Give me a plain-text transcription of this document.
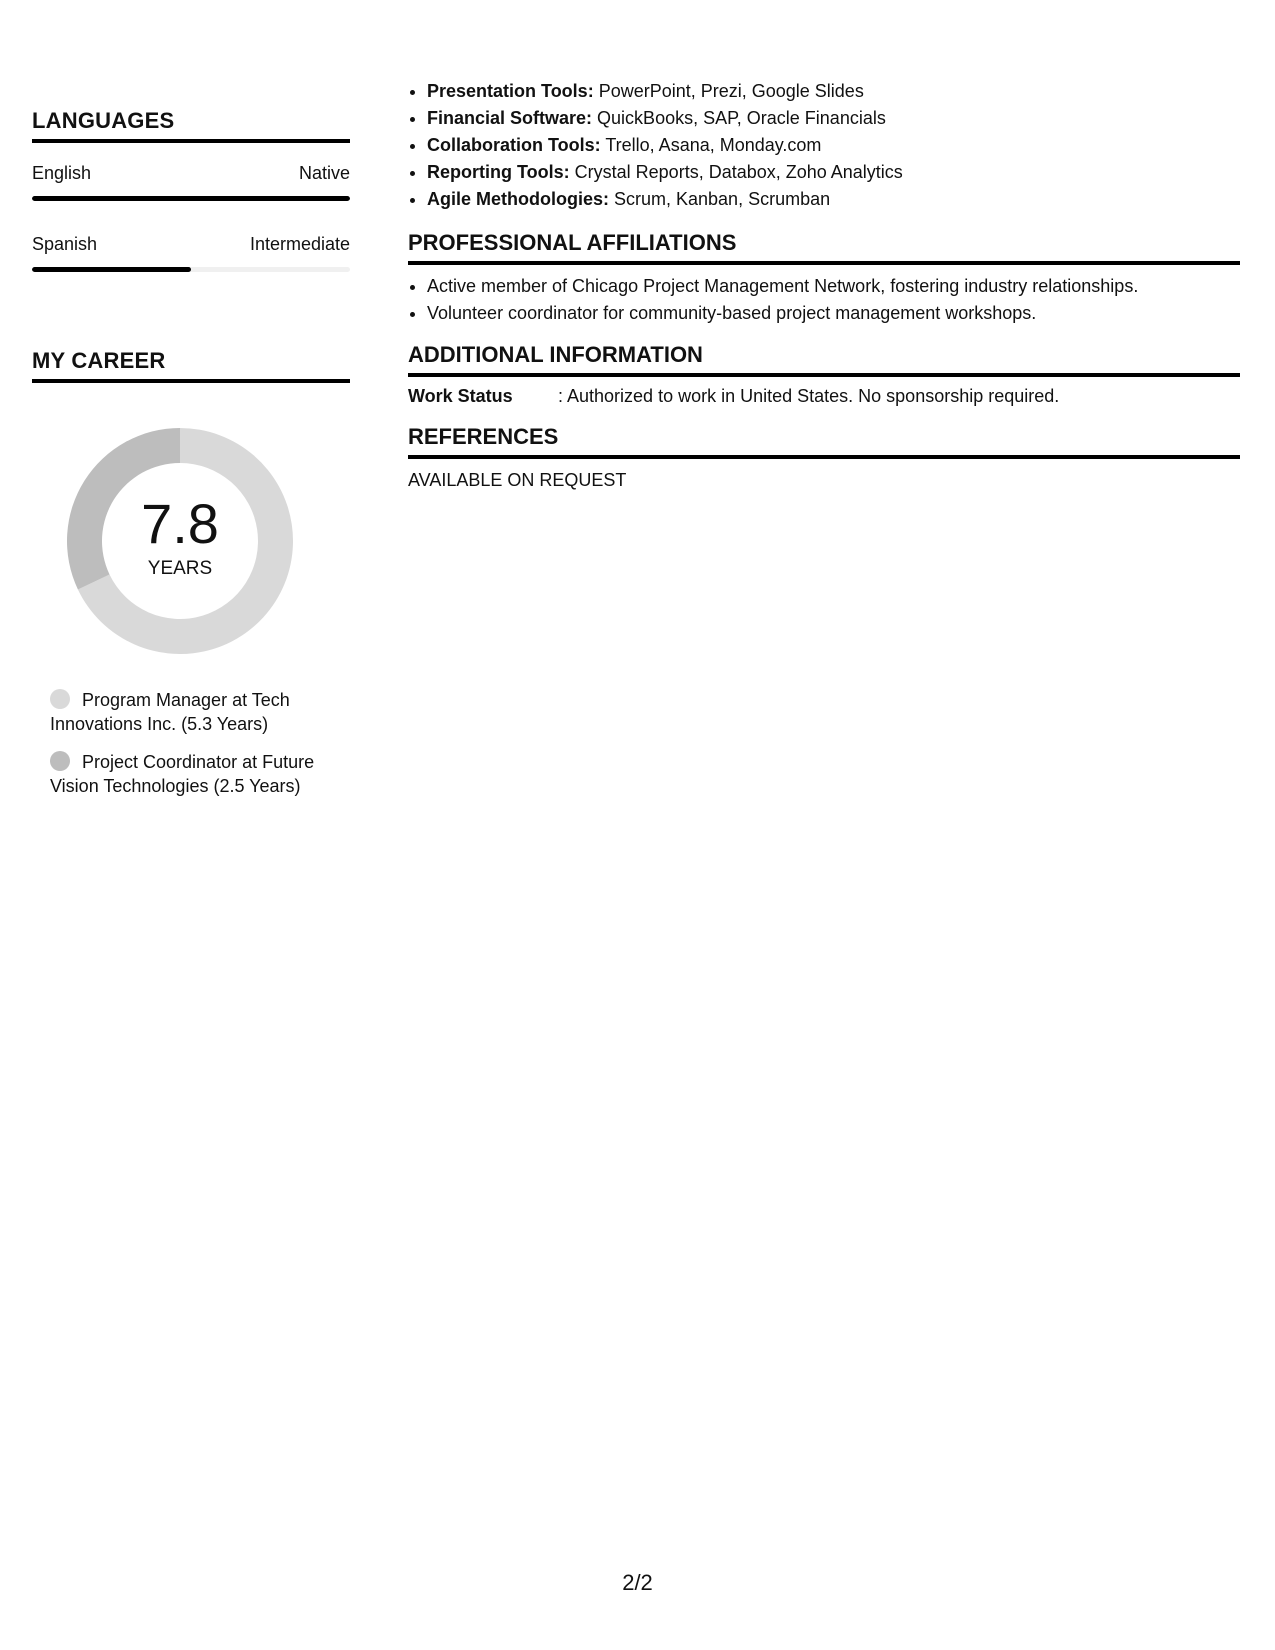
LANGUAGES
English	Native
Spanish	Intermediate
MY CAREER
7.8
YEARS
Program Manager at Tech Innovations Inc. (5.3 Years)
Project Coordinator at Future Vision Technologies (2.5 Years)
• Presentation Tools: PowerPoint, Prezi, Google Slides
• Financial Software: QuickBooks, SAP, Oracle Financials
• Collaboration Tools: Trello, Asana, Monday.com
• Reporting Tools: Crystal Reports, Databox, Zoho Analytics
• Agile Methodologies: Scrum, Kanban, Scrumban
PROFESSIONAL AFFILIATIONS
• Active member of Chicago Project Management Network, fostering industry relationships.
• Volunteer coordinator for community-based project management workshops.
ADDITIONAL INFORMATION
Work Status	: Authorized to work in United States. No sponsorship required.
REFERENCES
AVAILABLE ON REQUEST
2/2
